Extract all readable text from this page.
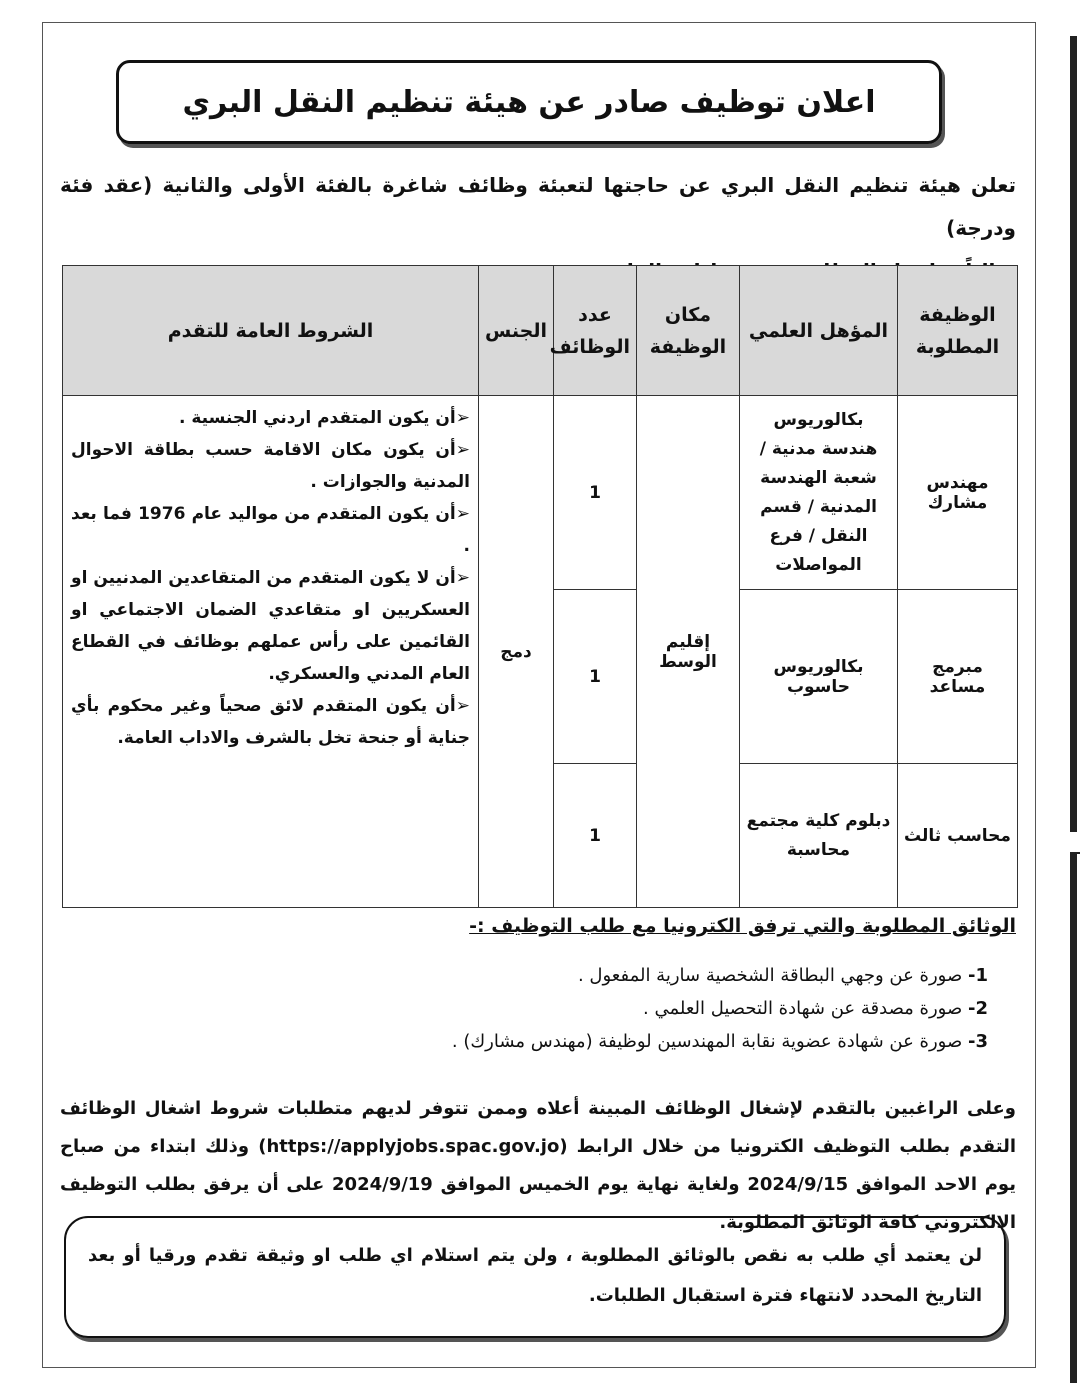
اعلان توظيف صادر عن هيئة تنظيم النقل البري
تعلن هيئة تنظيم النقل البري عن حاجتها لتعبئة وظائف شاغرة بالفئة الأولى والثانية (عقد فئة ودرجة)
الوظيفة المطلوبة	المؤهل العلمي	مكان الوظيفة	عدد الوظائف	الجنس	الشروط العامة للتقدم
مهندس مشارك	بكالوريوس هندسة مدنية / شعبة الهندسة المدنية / قسم النقل / فرع المواصلات	إقليم الوسط	1	دمج	➢أن يكون المتقدم اردني الجنسية .
➢أن يكون مكان الاقامة حسب بطاقة الاحوال المدنية والجوازات .
➢أن يكون المتقدم من مواليد عام 1976 فما بعد .
➢أن لا يكون المتقدم من المتقاعدين المدنيين او العسكريين او متقاعدي الضمان الاجتماعي او القائمين على رأس عملهم بوظائف في القطاع العام المدني والعسكري.
➢أن يكون المتقدم لائق صحياً وغير محكوم بأي جناية أو جنحة تخل بالشرف والاداب العامة.

مبرمج مساعد	بكالوريوس حاسوب		1		
محاسب ثالث	دبلوم كلية مجتمع محاسبة		1		
الوثائق المطلوبة والتي ترفق الكترونيا مع طلب التوظيف :-
1- صورة عن وجهي البطاقة الشخصية سارية المفعول .
2- صورة مصدقة عن شهادة التحصيل العلمي .
3- صورة عن شهادة عضوية نقابة المهندسين لوظيفة (مهندس مشارك) .
وعلى الراغبين بالتقدم لإشغال الوظائف المبينة أعلاه وممن تتوفر لديهم متطلبات شروط اشغال الوظائف التقدم بطلب التوظيف الكترونيا من خلال الرابط (https://applyjobs.spac.gov.jo) وذلك ابتداء من صباح يوم الاحد الموافق 2024/9/15 ولغاية نهاية يوم الخميس الموافق 2024/9/19 على أن يرفق بطلب التوظيف الالكتروني كافة الوثائق المطلوبة.
لن يعتمد أي طلب به نقص بالوثائق المطلوبة ، ولن يتم استلام اي طلب او وثيقة تقدم ورقيا أو بعد التاريخ المحدد لانتهاء فترة استقبال الطلبات.
